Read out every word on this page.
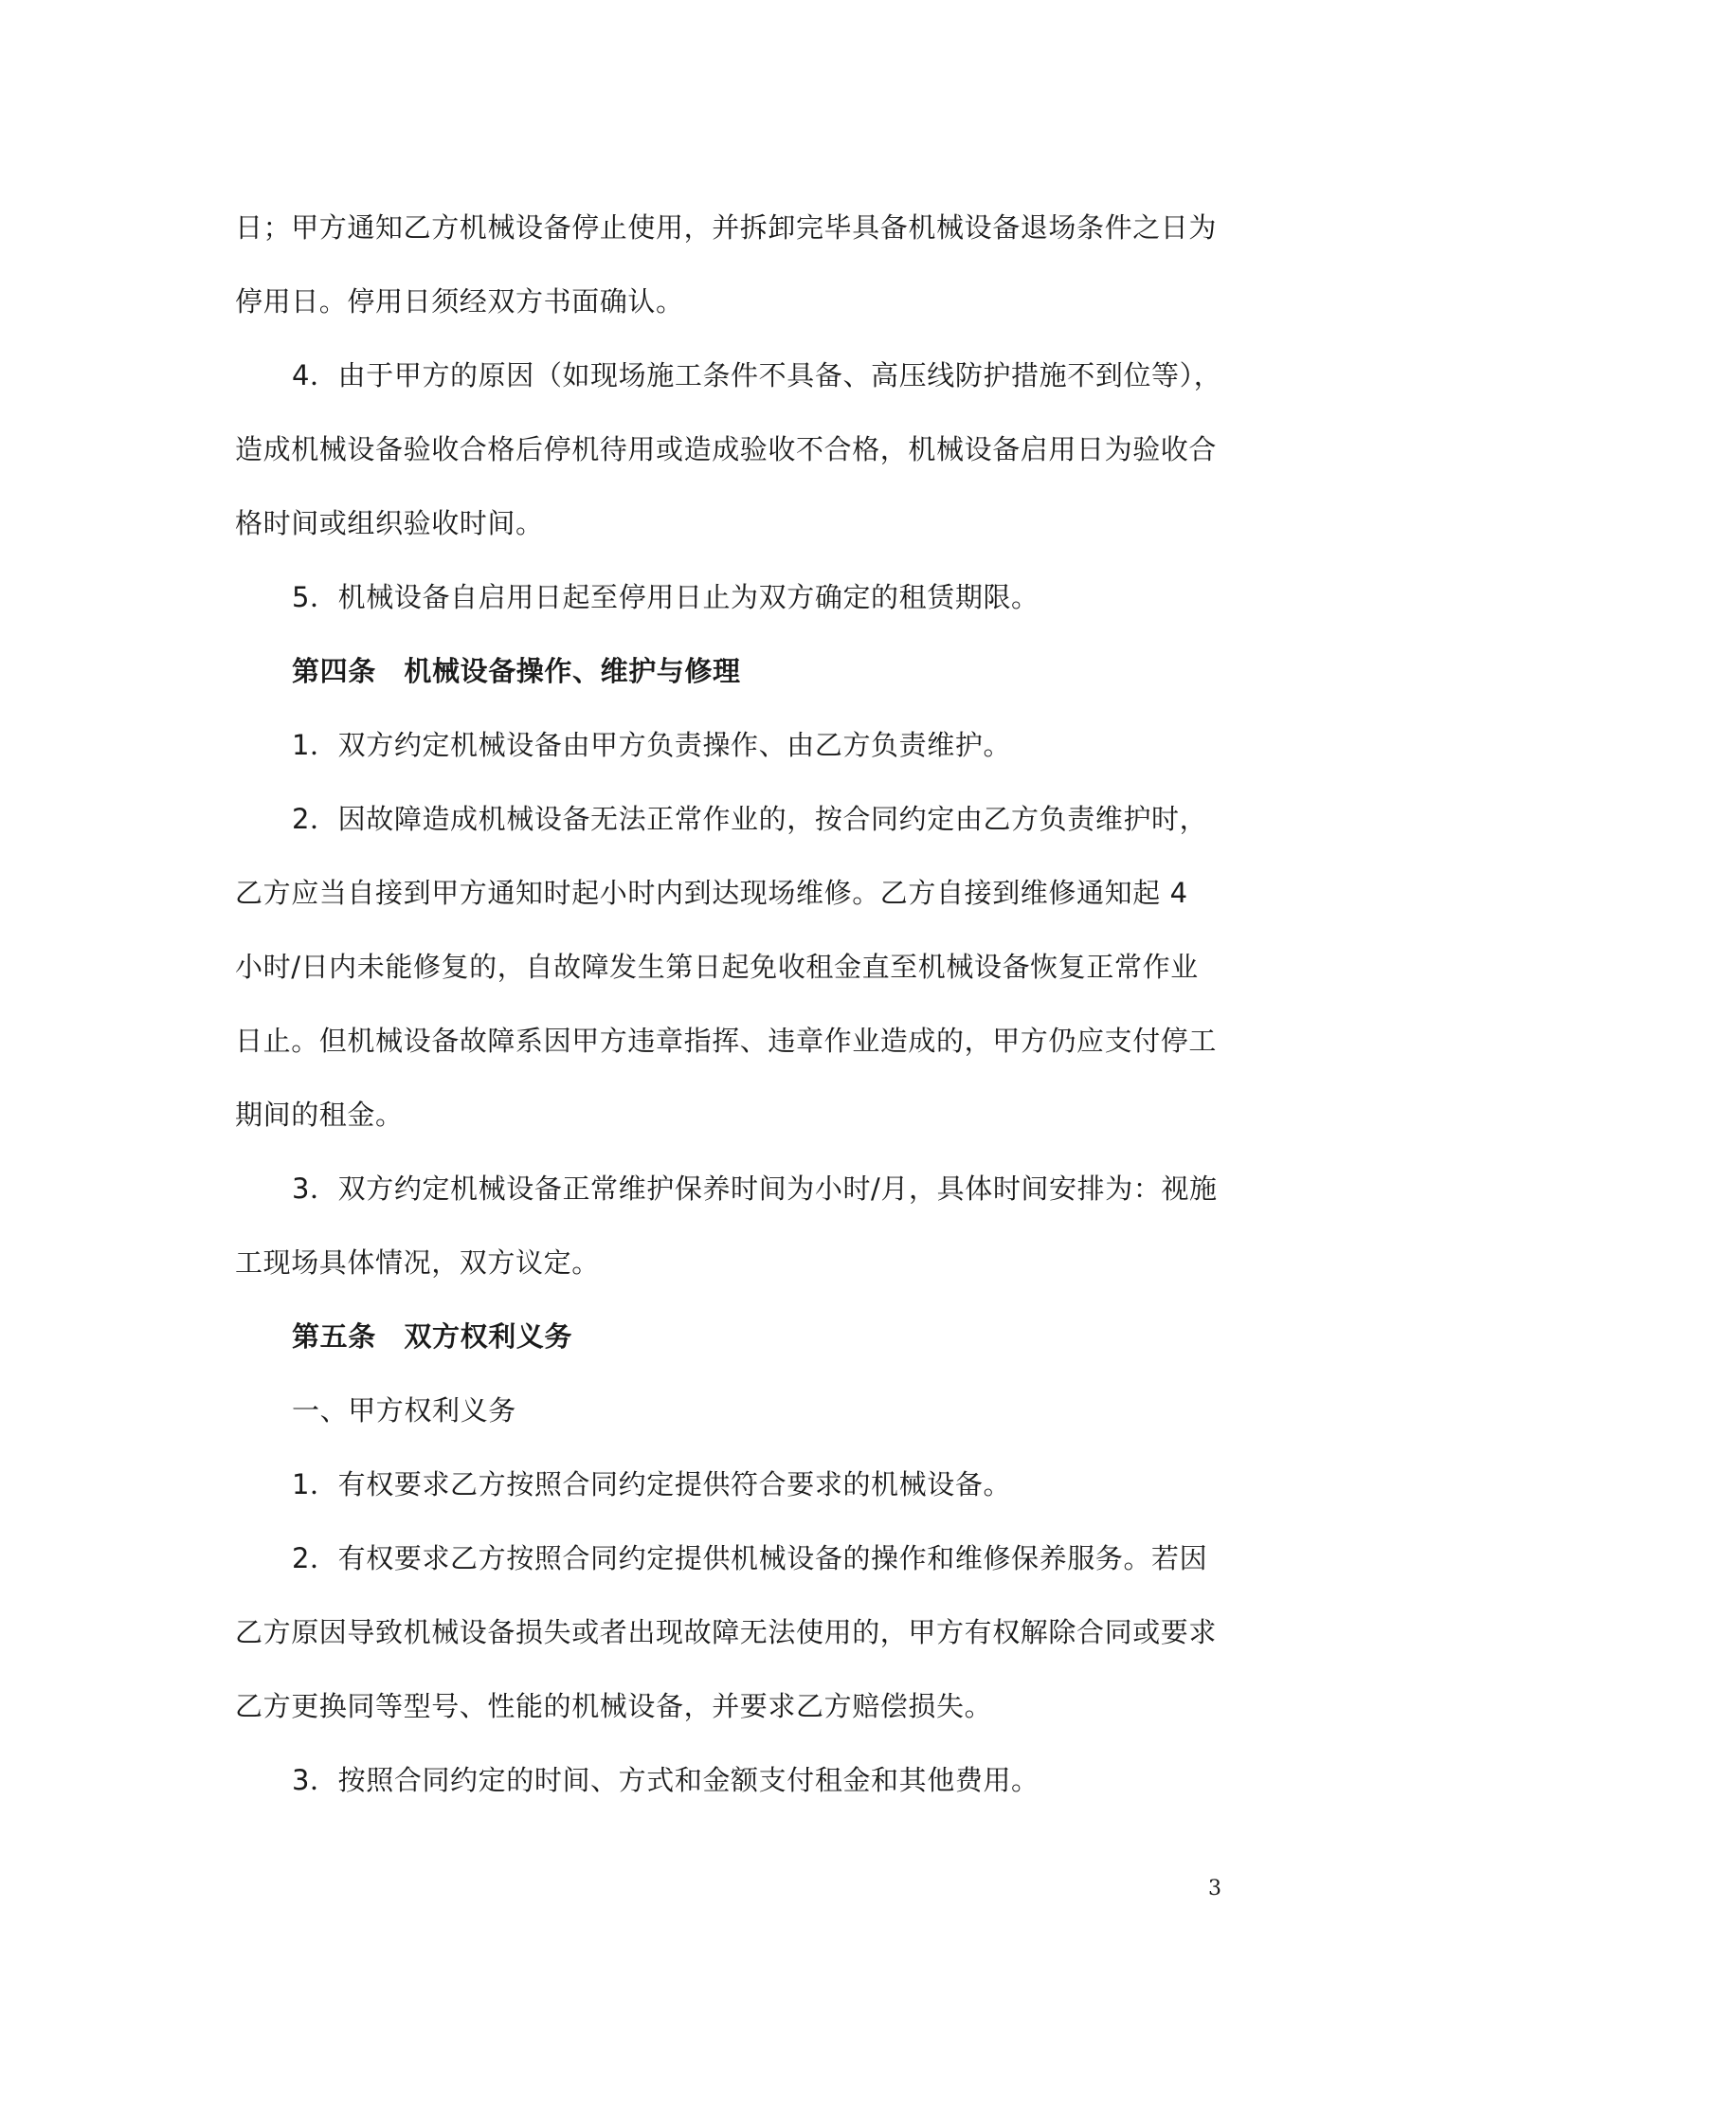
日；甲方通知乙方机械设备停止使用，并拆卸完毕具备机械设备退场条件之日为
停用日。停用日须经双方书面确认。
4．由于甲方的原因（如现场施工条件不具备、高压线防护措施不到位等），
造成机械设备验收合格后停机待用或造成验收不合格，机械设备启用日为验收合
格时间或组织验收时间。
5．机械设备自启用日起至停用日止为双方确定的租赁期限。
第四条　机械设备操作、维护与修理
1．双方约定机械设备由甲方负责操作、由乙方负责维护。
2．因故障造成机械设备无法正常作业的，按合同约定由乙方负责维护时，
乙方应当自接到甲方通知时起小时内到达现场维修。乙方自接到维修通知起 4
小时/日内未能修复的，自故障发生第日起免收租金直至机械设备恢复正常作业
日止。但机械设备故障系因甲方违章指挥、违章作业造成的，甲方仍应支付停工
期间的租金。
3．双方约定机械设备正常维护保养时间为小时/月，具体时间安排为：视施
工现场具体情况，双方议定。
第五条　双方权利义务
一、甲方权利义务
1．有权要求乙方按照合同约定提供符合要求的机械设备。
2．有权要求乙方按照合同约定提供机械设备的操作和维修保养服务。若因
乙方原因导致机械设备损失或者出现故障无法使用的，甲方有权解除合同或要求
乙方更换同等型号、性能的机械设备，并要求乙方赔偿损失。
3．按照合同约定的时间、方式和金额支付租金和其他费用。
3
